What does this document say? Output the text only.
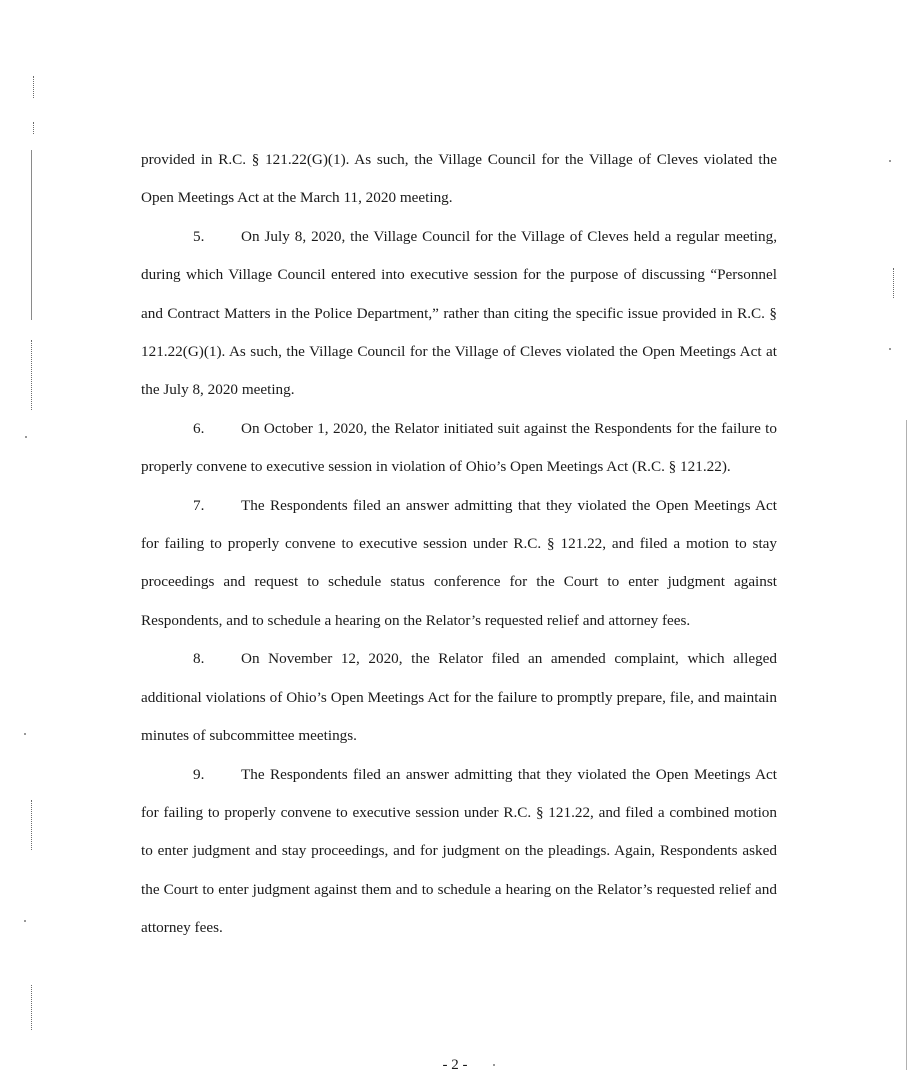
provided in R.C. § 121.22(G)(1). As such, the Village Council for the Village of Cleves violated the Open Meetings Act at the March 11, 2020 meeting.

5. On July 8, 2020, the Village Council for the Village of Cleves held a regular meeting, during which Village Council entered into executive session for the purpose of discussing “Personnel and Contract Matters in the Police Department,” rather than citing the specific issue provided in R.C. § 121.22(G)(1). As such, the Village Council for the Village of Cleves violated the Open Meetings Act at the July 8, 2020 meeting.

6. On October 1, 2020, the Relator initiated suit against the Respondents for the failure to properly convene to executive session in violation of Ohio’s Open Meetings Act (R.C. § 121.22).

7. The Respondents filed an answer admitting that they violated the Open Meetings Act for failing to properly convene to executive session under R.C. § 121.22, and filed a motion to stay proceedings and request to schedule status conference for the Court to enter judgment against Respondents, and to schedule a hearing on the Relator’s requested relief and attorney fees.

8. On November 12, 2020, the Relator filed an amended complaint, which alleged additional violations of Ohio’s Open Meetings Act for the failure to promptly prepare, file, and maintain minutes of subcommittee meetings.

9. The Respondents filed an answer admitting that they violated the Open Meetings Act for failing to properly convene to executive session under R.C. § 121.22, and filed a combined motion to enter judgment and stay proceedings, and for judgment on the pleadings. Again, Respondents asked the Court to enter judgment against them and to schedule a hearing on the Relator’s requested relief and attorney fees.

- 2 -
